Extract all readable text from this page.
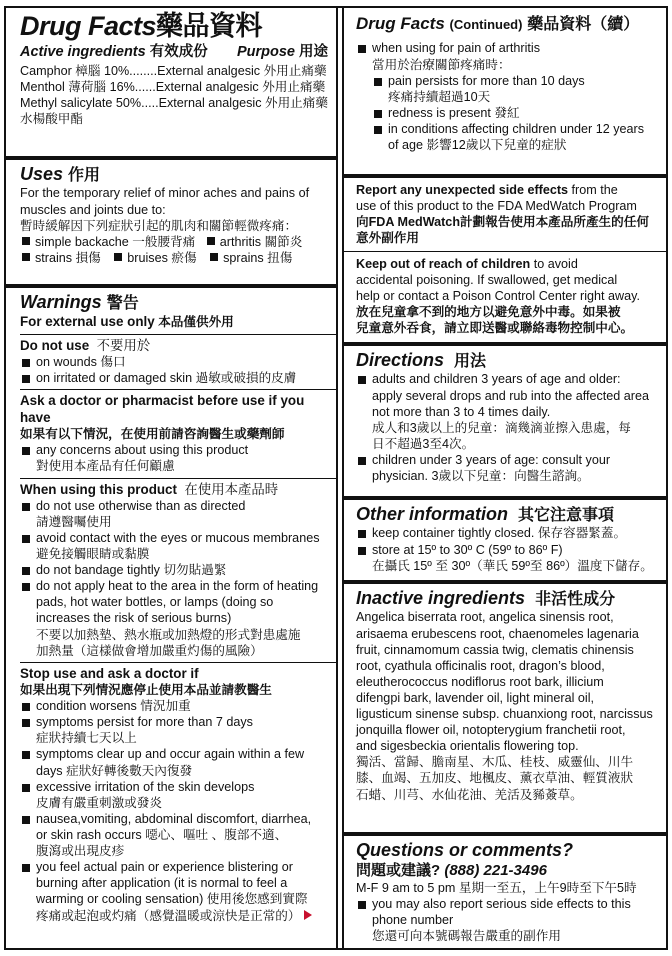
Drug Facts藥品資料
Active ingredients 有效成份 Purpose 用途
Camphor 樟腦 10%........External analgesic 外用止痛藥
Menthol 薄荷腦 16%......External analgesic 外用止痛藥
Methyl salicylate 50%.....External analgesic 外用止痛藥
水楊酸甲酯
Uses 作用
For the temporary relief of minor aches and pains of
muscles and joints due to:
暫時緩解因下列症狀引起的肌肉和關節輕微疼痛：
simple backache 一般腰背痛 arthritis 關節炎
strains 損傷 bruises 瘀傷 sprains 扭傷
Warnings 警告
For external use only 本品僅供外用
Do not use 不要用於
on wounds 傷口
on irritated or damaged skin 過敏或破損的皮膚
Ask a doctor or pharmacist before use if you have
如果有以下情況，在使用前請咨詢醫生或藥劑師
any concerns about using this product
對使用本產品有任何顧慮
When using this product 在使用本產品時
do not use otherwise than as directed
請遵醫囑使用
avoid contact with the eyes or mucous membranes
避免接觸眼睛或黏膜
do not bandage tightly 切勿貼過緊
do not apply heat to the area in the form of heating
pads, hot water bottles, or lamps (doing so
increases the risk of serious burns)
不要以加熱墊、熱水瓶或加熱燈的形式對患處施
加熱量（這樣做會增加嚴重灼傷的風險）
Stop use and ask a doctor if
如果出現下列情況應停止使用本品並請教醫生
condition worsens 情況加重
symptoms persist for more than 7 days
症狀持續七天以上
symptoms clear up and occur again within a few
days 症狀好轉後數天內復發
excessive irritation of the skin develops
皮膚有嚴重刺激或發炎
nausea,vomiting, abdominal discomfort, diarrhea,
or skin rash occurs 噁心、嘔吐 、腹部不適、
腹瀉或出現皮疹
you feel actual pain or experience blistering or
burning after application (it is normal to feel a
warming or cooling sensation) 使用後您感到實際
疼痛或起泡或灼痛（感覺溫暖或涼快是正常的）
Drug Facts (Continued) 藥品資料（續）
when using for pain of arthritis
當用於治療關節疼痛時：
pain persists for more than 10 days
疼痛持續超過10天
redness is present 發紅
in conditions affecting children under 12 years
of age 影響12歲以下兒童的症狀
Report any unexpected side effects from the
use of this product to the FDA MedWatch Program
向FDA MedWatch計劃報告使用本產品所產生的任何
意外副作用
Keep out of reach of children to avoid
accidental poisoning. If swallowed, get medical
help or contact a Poison Control Center right away.
放在兒童拿不到的地方以避免意外中毒。如果被
兒童意外吞食，請立即送醫或聯絡毒物控制中心。
Directions 用法
adults and children 3 years of age and older:
apply several drops and rub into the affected area
not more than 3 to 4 times daily.
成人和3歲以上的兒童：滴幾滴並擦入患處，每
日不超過3至4次。
children under 3 years of age: consult your
physician. 3歲以下兒童：向醫生諮詢。
Other information 其它注意事項
keep container tightly closed. 保存容器緊蓋。
store at 15º to 30º C (59º to 86º F)
在攝氏 15º 至 30º（華氏 59º至 86º）溫度下儲存。
Inactive ingredients 非活性成分
Angelica biserrata root, angelica sinensis root,
arisaema erubescens root, chaenomeles lagenaria
fruit, cinnamomum cassia twig, clematis chinensis
root, cyathula officinalis root, dragon’s blood,
eleutherococcus nodiflorus root bark, illicium
difengpi bark, lavender oil, light mineral oil,
ligusticum sinense subsp. chuanxiong root, narcissus
jonquilla flower oil, notopterygium franchetii root,
and sigesbeckia orientalis flowering top.
獨活、當歸、膽南星、木瓜、桂枝、威靈仙、川牛
膝、血竭、五加皮、地楓皮、薰衣草油、輕質液狀
石蜡、川芎、水仙花油、羌活及豨薟草。
Questions or comments?
問題或建議? (888) 221-3496
M-F 9 am to 5 pm 星期一至五，上午9時至下午5時
you may also report serious side effects to this
phone number
您還可向本號碼報告嚴重的副作用
